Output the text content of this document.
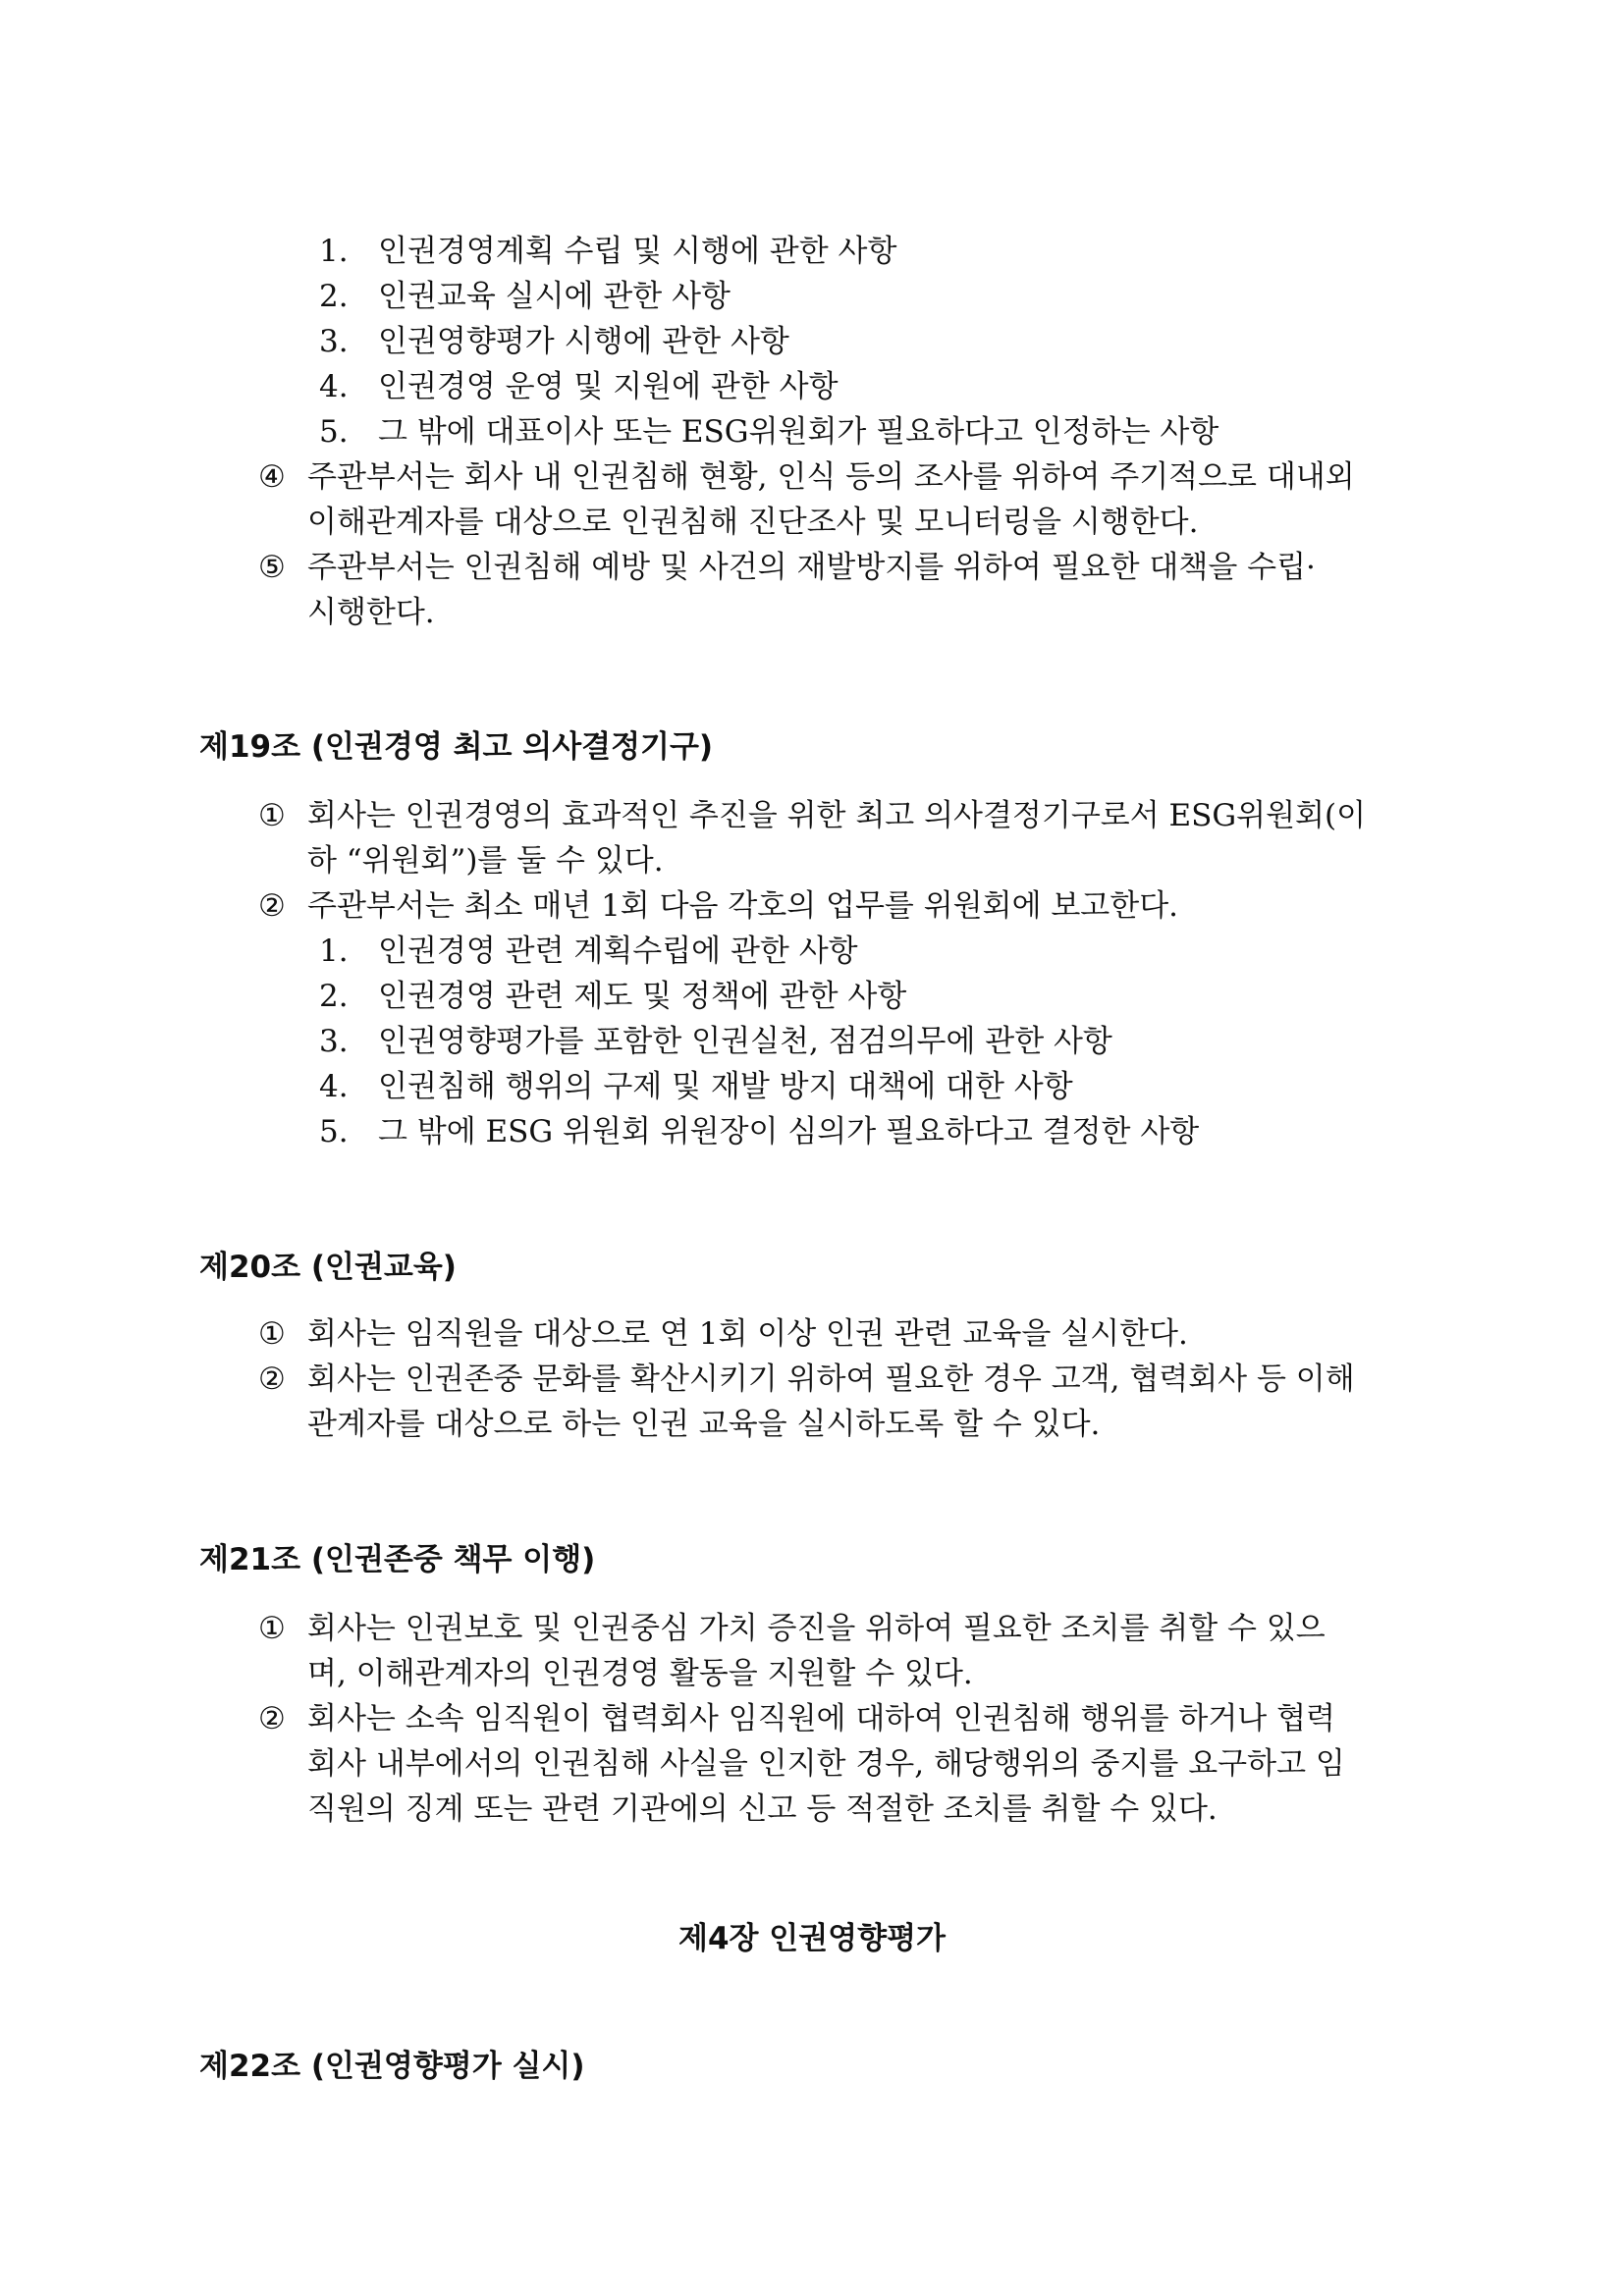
1. 인권경영계획 수립 및 시행에 관한 사항
2. 인권교육 실시에 관한 사항
3. 인권영향평가 시행에 관한 사항
4. 인권경영 운영 및 지원에 관한 사항
5. 그 밖에 대표이사 또는 ESG위원회가 필요하다고 인정하는 사항
④ 주관부서는 회사 내 인권침해 현황, 인식 등의 조사를 위하여 주기적으로 대내외
이해관계자를 대상으로 인권침해 진단조사 및 모니터링을 시행한다.
⑤ 주관부서는 인권침해 예방 및 사건의 재발방지를 위하여 필요한 대책을 수립·
시행한다.
제19조 (인권경영 최고 의사결정기구)
① 회사는 인권경영의 효과적인 추진을 위한 최고 의사결정기구로서 ESG위원회(이
하 “위원회”)를 둘 수 있다.
② 주관부서는 최소 매년 1회 다음 각호의 업무를 위원회에 보고한다.
1. 인권경영 관련 계획수립에 관한 사항
2. 인권경영 관련 제도 및 정책에 관한 사항
3. 인권영향평가를 포함한 인권실천, 점검의무에 관한 사항
4. 인권침해 행위의 구제 및 재발 방지 대책에 대한 사항
5. 그 밖에 ESG 위원회 위원장이 심의가 필요하다고 결정한 사항
제20조 (인권교육)
① 회사는 임직원을 대상으로 연 1회 이상 인권 관련 교육을 실시한다.
② 회사는 인권존중 문화를 확산시키기 위하여 필요한 경우 고객, 협력회사 등 이해
관계자를 대상으로 하는 인권 교육을 실시하도록 할 수 있다.
제21조 (인권존중 책무 이행)
① 회사는 인권보호 및 인권중심 가치 증진을 위하여 필요한 조치를 취할 수 있으
며, 이해관계자의 인권경영 활동을 지원할 수 있다.
② 회사는 소속 임직원이 협력회사 임직원에 대하여 인권침해 행위를 하거나 협력
회사 내부에서의 인권침해 사실을 인지한 경우, 해당행위의 중지를 요구하고 임
직원의 징계 또는 관련 기관에의 신고 등 적절한 조치를 취할 수 있다.
제4장 인권영향평가
제22조 (인권영향평가 실시)
